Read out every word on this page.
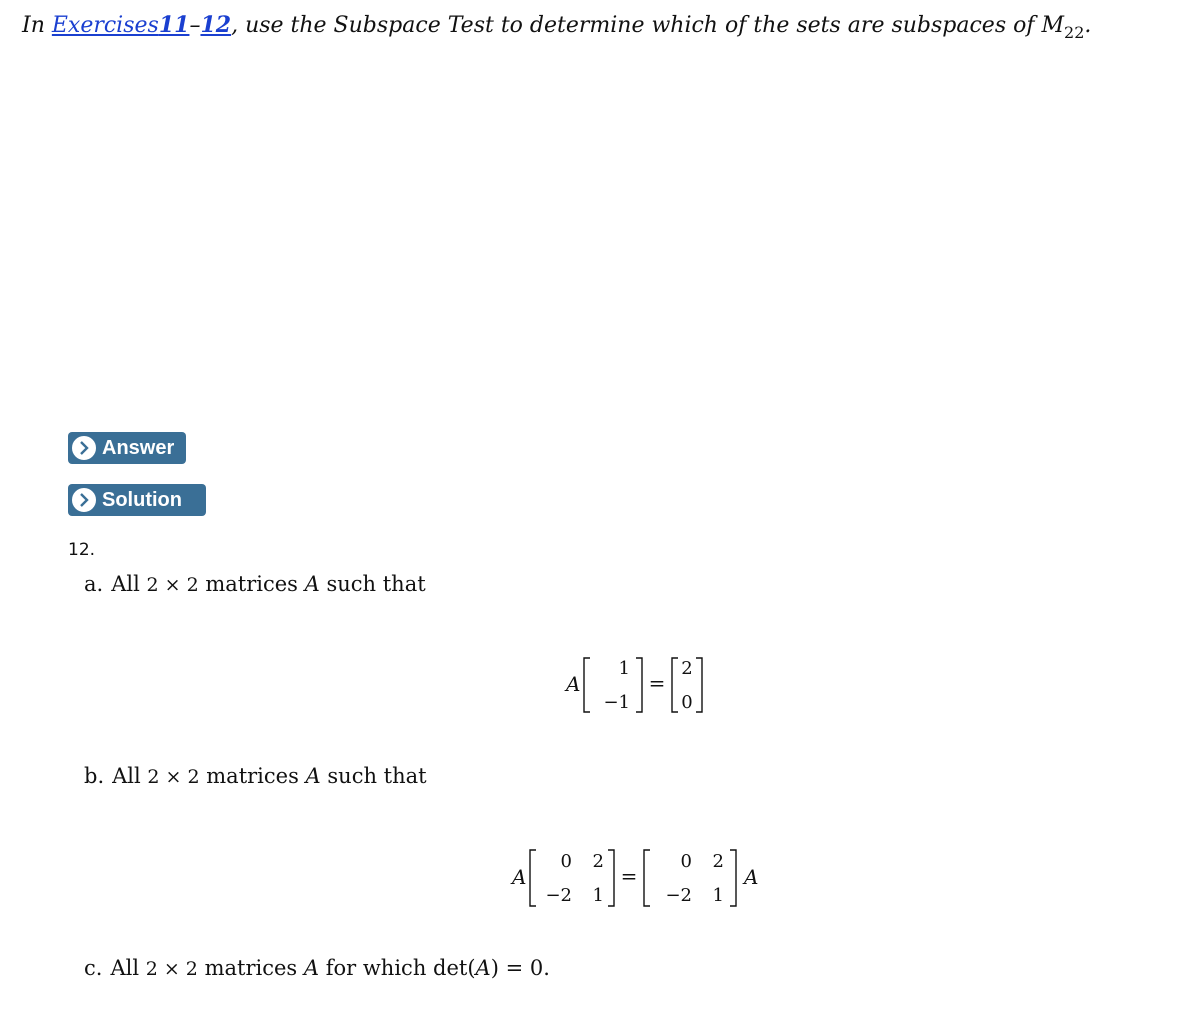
In Exercises11–12, use the Subspace Test to determine which of the sets are subspaces of $M_{22}$.
Answer
Solution
12.
a. All 2 × 2 matrices A such that
A
1
−1
=
2
0
b. All 2 × 2 matrices A such that
A
0 2
−2 1
=
0 2
−2 1
A
c. All 2 × 2 matrices A for which det(A) = 0.
